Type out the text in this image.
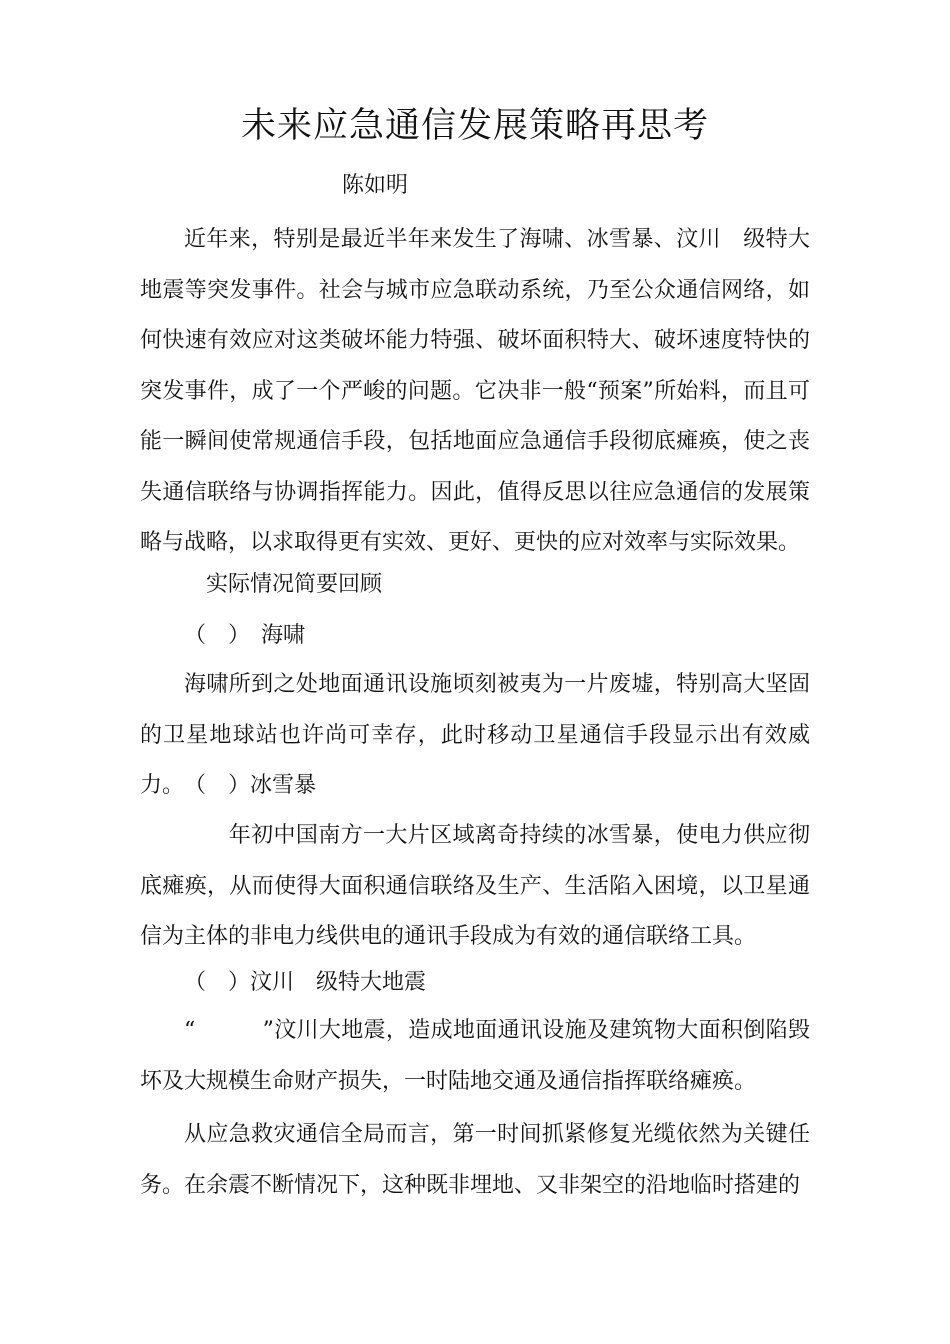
未来应急通信发展策略再思考
陈如明

近年来，特别是最近半年来发生了海啸、冰雪暴、汶川　级特大地震等突发事件。社会与城市应急联动系统，乃至公众通信网络，如何快速有效应对这类破坏能力特强、破坏面积特大、破坏速度特快的突发事件，成了一个严峻的问题。它决非一般“预案”所始料，而且可能一瞬间使常规通信手段，包括地面应急通信手段彻底瘫痪，使之丧失通信联络与协调指挥能力。因此，值得反思以往应急通信的发展策略与战略，以求取得更有实效、更好、更快的应对效率与实际效果。

实际情况简要回顾

（　）　海啸

海啸所到之处地面通讯设施顷刻被夷为一片废墟，特别高大坚固的卫星地球站也许尚可幸存，此时移动卫星通信手段显示出有效威力。 （　）冰雪暴

　　年初中国南方一大片区域离奇持续的冰雪暴，使电力供应彻底瘫痪，从而使得大面积通信联络及生产、生活陷入困境，以卫星通信为主体的非电力线供电的通讯手段成为有效的通信联络工具。

（　）汶川　级特大地震

“　　　”汶川大地震，造成地面通讯设施及建筑物大面积倒陷毁坏及大规模生命财产损失，一时陆地交通及通信指挥联络瘫痪。

从应急救灾通信全局而言，第一时间抓紧修复光缆依然为关键任务。在余震不断情况下，这种既非埋地、又非架空的沿地临时搭建的
